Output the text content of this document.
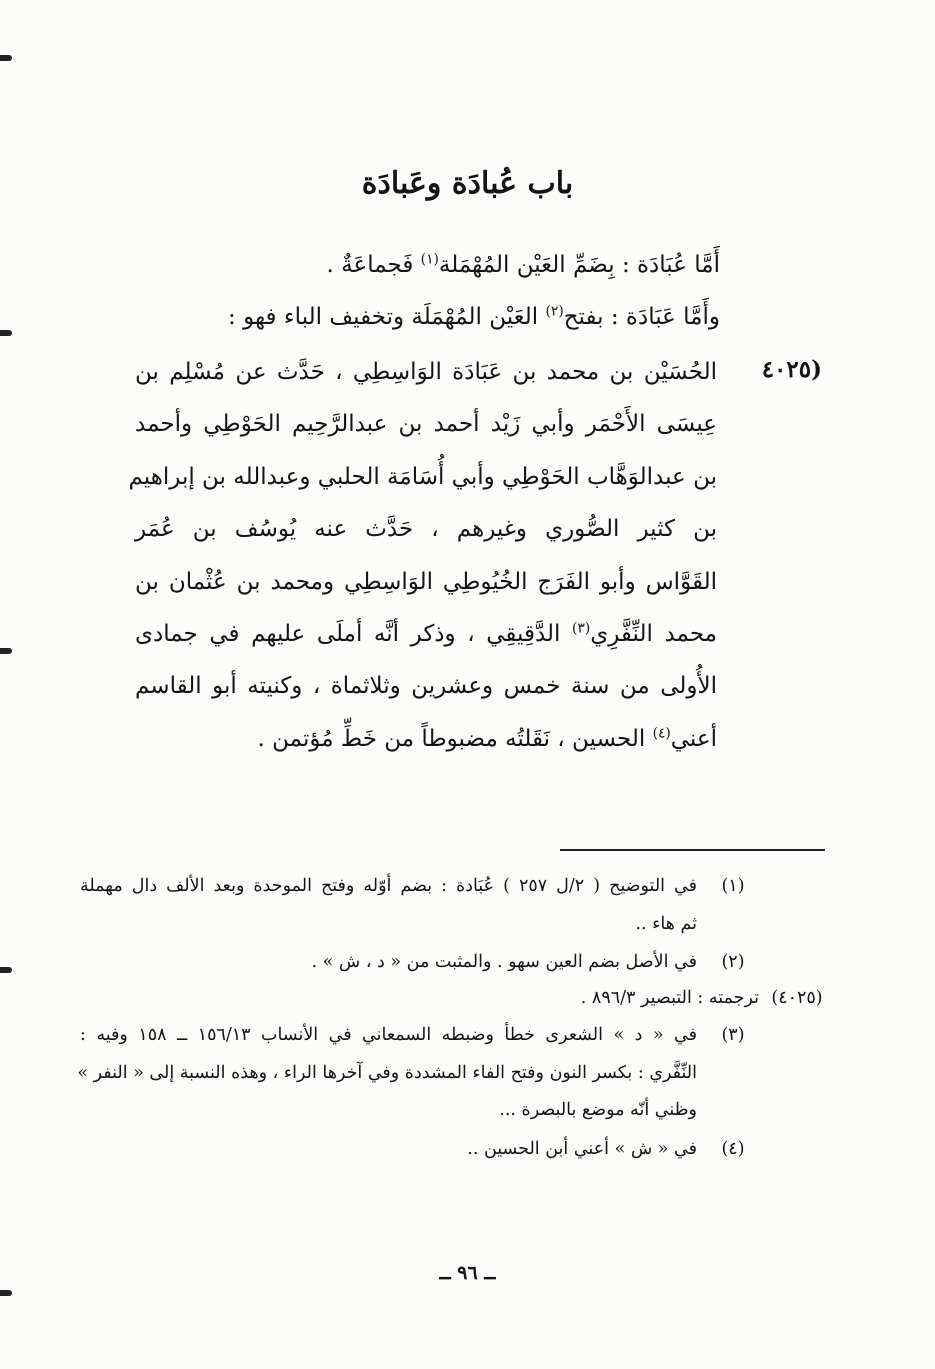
باب عُبادَة وعَبادَة

أَمَّا عُبَادَة : بِضَمِّ العَيْن المُهْمَلة$^{(١)}$ فَجماعَةٌ .

وأَمَّا عَبَادَة : بفتح$^{(٢)}$ العَيْن المُهْمَلَة وتخفيف الباء فهو :

(٤٠٢٥
الحُسَيْن بن محمد بن عَبَادَة الوَاسِطِي ، حَدَّث عن مُسْلِم بن
عِيسَى الأَحْمَر وأبي زَيْد أحمد بن عبدالرَّحِيم الحَوْطِي وأحمد
بن عبدالوَهَّاب الحَوْطِي وأبي أُسَامَة الحلبي وعبدالله بن إبراهيم
بن كثير الصُّوري وغيرهم ، حَدَّث عنه يُوسُف بن عُمَر
القَوَّاس وأبو الفَرَج الخُيُوطِي الوَاسِطِي ومحمد بن عُثْمان بن
محمد النِّفَّرِي$^{(٣)}$ الدَّقِيقِي ، وذكر أنَّه أملَى عليهم في جمادى
الأُولى من سنة خمس وعشرين وثلاثماة ، وكنيته أبو القاسم
أعني$^{(٤)}$ الحسين ، نَقَلتُه مضبوطاً من خَطِّ مُؤتمن .
(١)
في التوضيح ( ٢/ل ٢٥٧ ) عُبَادة : بضم أوّله وفتح الموحدة وبعد الألف دال مهملة
ثم هاء ..
(٢)
في الأصل بضم العين سهو . والمثبت من « د ، ش » .
(٤٠٢٥)
ترجمته : التبصير ٨٩٦/٣ .
(٣)
في « د » الشعرى خطأ وضبطه السمعاني في الأنساب ١٥٦/١٣ ــ ١٥٨ وفيه :
النِّفَّري : بكسر النون وفتح الفاء المشددة وفي آخرها الراء ، وهذه النسبة إلى « النفر »
وظني أنّه موضع بالبصرة ...
(٤)
في « ش » أعني أبن الحسين ..
ــ ٩٦ ــ
